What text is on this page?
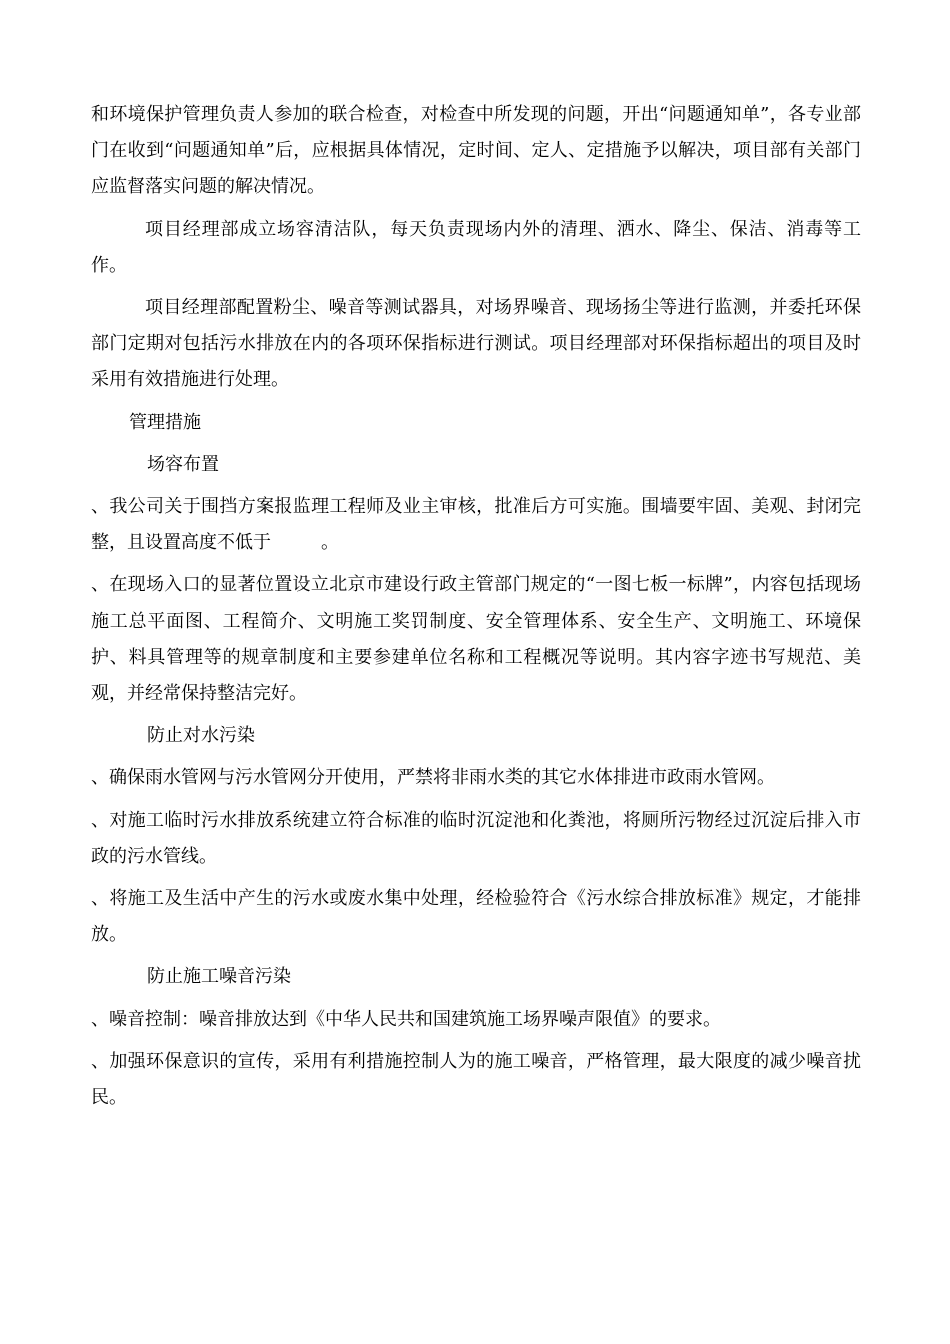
和环境保护管理负责人参加的联合检查，对检查中所发现的问题，开出“问题通知单”，各专业部门在收到“问题通知单”后，应根据具体情况，定时间、定人、定措施予以解决，项目部有关部门应监督落实问题的解决情况。

项目经理部成立场容清洁队，每天负责现场内外的清理、洒水、降尘、保洁、消毒等工作。

项目经理部配置粉尘、噪音等测试器具，对场界噪音、现场扬尘等进行监测，并委托环保部门定期对包括污水排放在内的各项环保指标进行测试。项目经理部对环保指标超出的项目及时采用有效措施进行处理。

管理措施

场容布置

、我公司关于围挡方案报监理工程师及业主审核，批准后方可实施。围墙要牢固、美观、封闭完整，且设置高度不低于	。

、在现场入口的显著位置设立北京市建设行政主管部门规定的“一图七板一标牌”，内容包括现场施工总平面图、工程简介、文明施工奖罚制度、安全管理体系、安全生产、文明施工、环境保护、料具管理等的规章制度和主要参建单位名称和工程概况等说明。其内容字迹书写规范、美观，并经常保持整洁完好。

防止对水污染

、确保雨水管网与污水管网分开使用，严禁将非雨水类的其它水体排进市政雨水管网。

、对施工临时污水排放系统建立符合标准的临时沉淀池和化粪池，将厕所污物经过沉淀后排入市政的污水管线。

、将施工及生活中产生的污水或废水集中处理，经检验符合《污水综合排放标准》规定，才能排放。

防止施工噪音污染

、噪音控制：噪音排放达到《中华人民共和国建筑施工场界噪声限值》的要求。

、加强环保意识的宣传，采用有利措施控制人为的施工噪音，严格管理，最大限度的减少噪音扰民。
